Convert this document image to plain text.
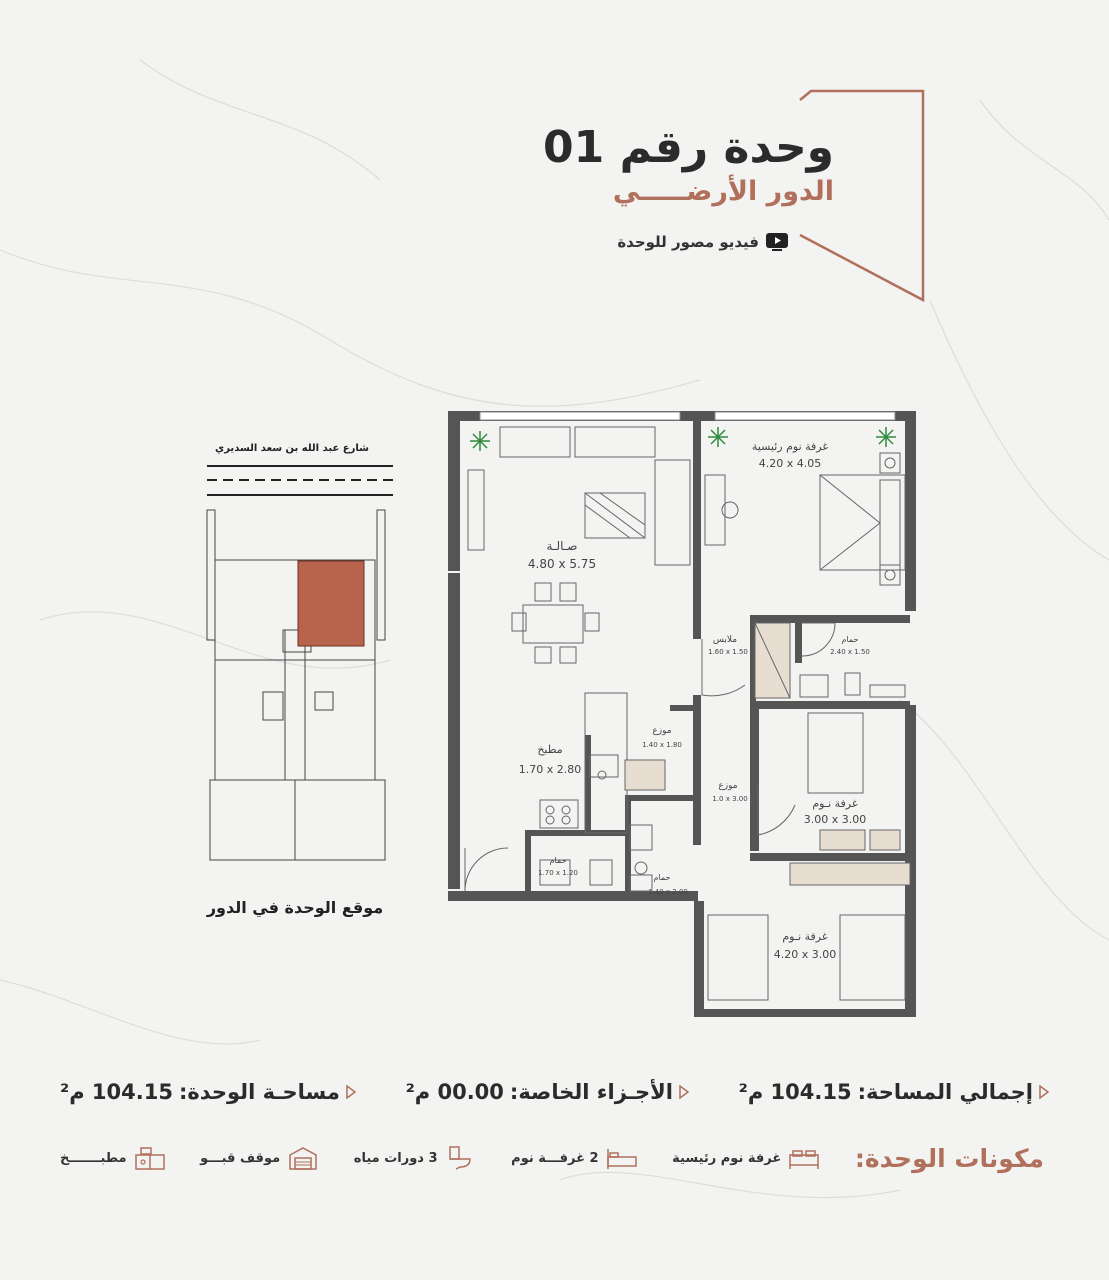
وحدة رقم 01
الدور الأرضـــــي
فيديو مصور للوحدة
صـالـة
4.80 x 5.75
غرفة نوم رئيسية
4.20 x 4.05
ملابس
1.60 x 1.50
حمام
2.40 x 1.50
موزع
1.40 x 1.80
مطبخ
1.70 x 2.80
موزع
1.0 x 3.00	غرفة نـوم
3.00 x 3.00
حمام
1.70 x 1.20	حمام
1.40 x 2.00
غرفة نـوم
4.20 x 3.00
شارع عبد الله بن سعد السديري
موقع الوحدة في الدور
مساحـة الوحدة:
104.15 م²	الأجـزاء الخاصة:
00.00 م²	إجمالي المساحة:
104.15 م²
مكونات الوحدة:
غرفة نوم رئيسية
2 غرفـــة نوم
3 دورات مياه
موقف قبـــو
مطبـــــــخ
